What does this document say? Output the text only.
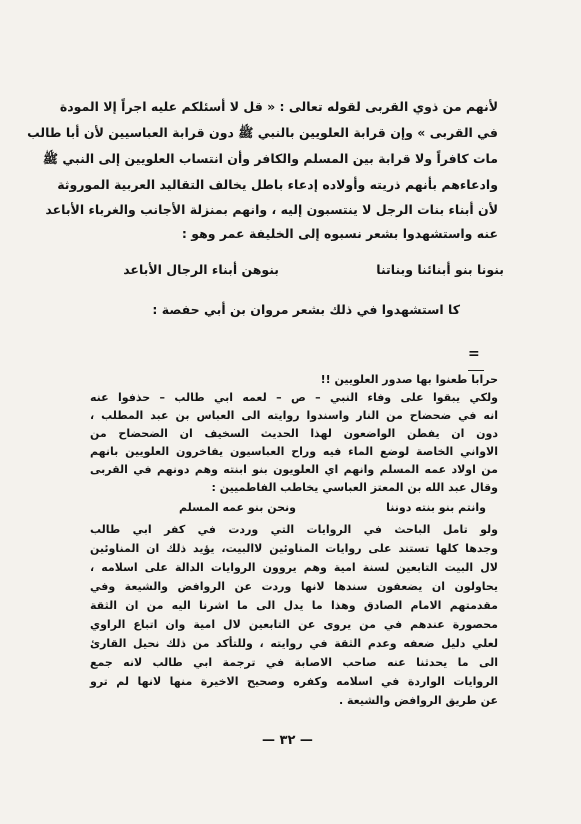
لأنهم من ذوي القربى لقوله تعالى : « قل لا أسئلكم عليه اجراً إلا المودة
في القربى » وإن قرابة العلويين بالنبي ﷺ دون قرابة العباسيين لأن أبا طالب
مات كافراً ولا قرابة بين المسلم والكافر وأن انتساب العلويين إلى النبي ﷺ
وادعاءهم بأنهم ذريته وأولاده إدعاء باطل يخالف التقاليد العربية الموروثة
لأن أبناء بنات الرجل لا ينتسبون إليه ، وانهم بمنزلة الأجانب والغرباء الأباعد
عنه واستشهدوا بشعر نسبوه إلى الخليفة عمر وهو :
بنونا بنو أبنائنا وبناتنا
بنوهن أبناء الرجال الأباعد
كا استشهدوا في ذلك بشعر مروان بن أبي حفصة :
=
حرابا طعنوا بها صدور العلويين !!
ولكي يبقوا على وفاء النبي – ص – لعمه ابي طالب – حذفوا عنه
انه في ضحضاح من النار واسندوا روايته الى العباس بن عبد المطلب ،
دون ان يفطن الواضعون لهذا الحديث السخيف ان الضحضاح من
الاواني الخاصة لوضع الماء فيه وراح العباسيون يفاخرون العلويين بانهم
من اولاد عمه المسلم وانهم اي العلويون بنو ابنته وهم دونهم في القربى
وقال عبد الله بن المعتز العباسي يخاطب الفاطميين :
وانتم بنو بنته دوننا
ونحن بنو عمه المسلم
ولو تامل الباحث في الروايات التي وردت في كفر ابي طالب
وجدها كلها تستند على روايات المناوئين لاالبيت، يؤيد ذلك ان المناوئين
لال البيت التابعين لسنة امية وهم يروون الروايات الدالة على اسلامه ،
يحاولون ان يضعفون سندها لانها وردت عن الروافض والشيعة وفي
مقدمتهم الامام الصادق وهذا ما يدل الى ما اشرنا اليه من ان الثقة
محصورة عندهم في من يروى عن التابعين لال امية وان اتباع الراوي
لعلي دليل ضعفه وعدم الثقة في روايته ، وللتأكد من ذلك نحيل القارئ
الى ما يحدثنا عنه صاحب الاصابة في ترجمة ابي طالب لانه جمع
الروايات الواردة في اسلامه وكفره وصحيح الاخيرة منها لانها لم ترو
عن طريق الروافض والشيعة .
— ٣٢ —
